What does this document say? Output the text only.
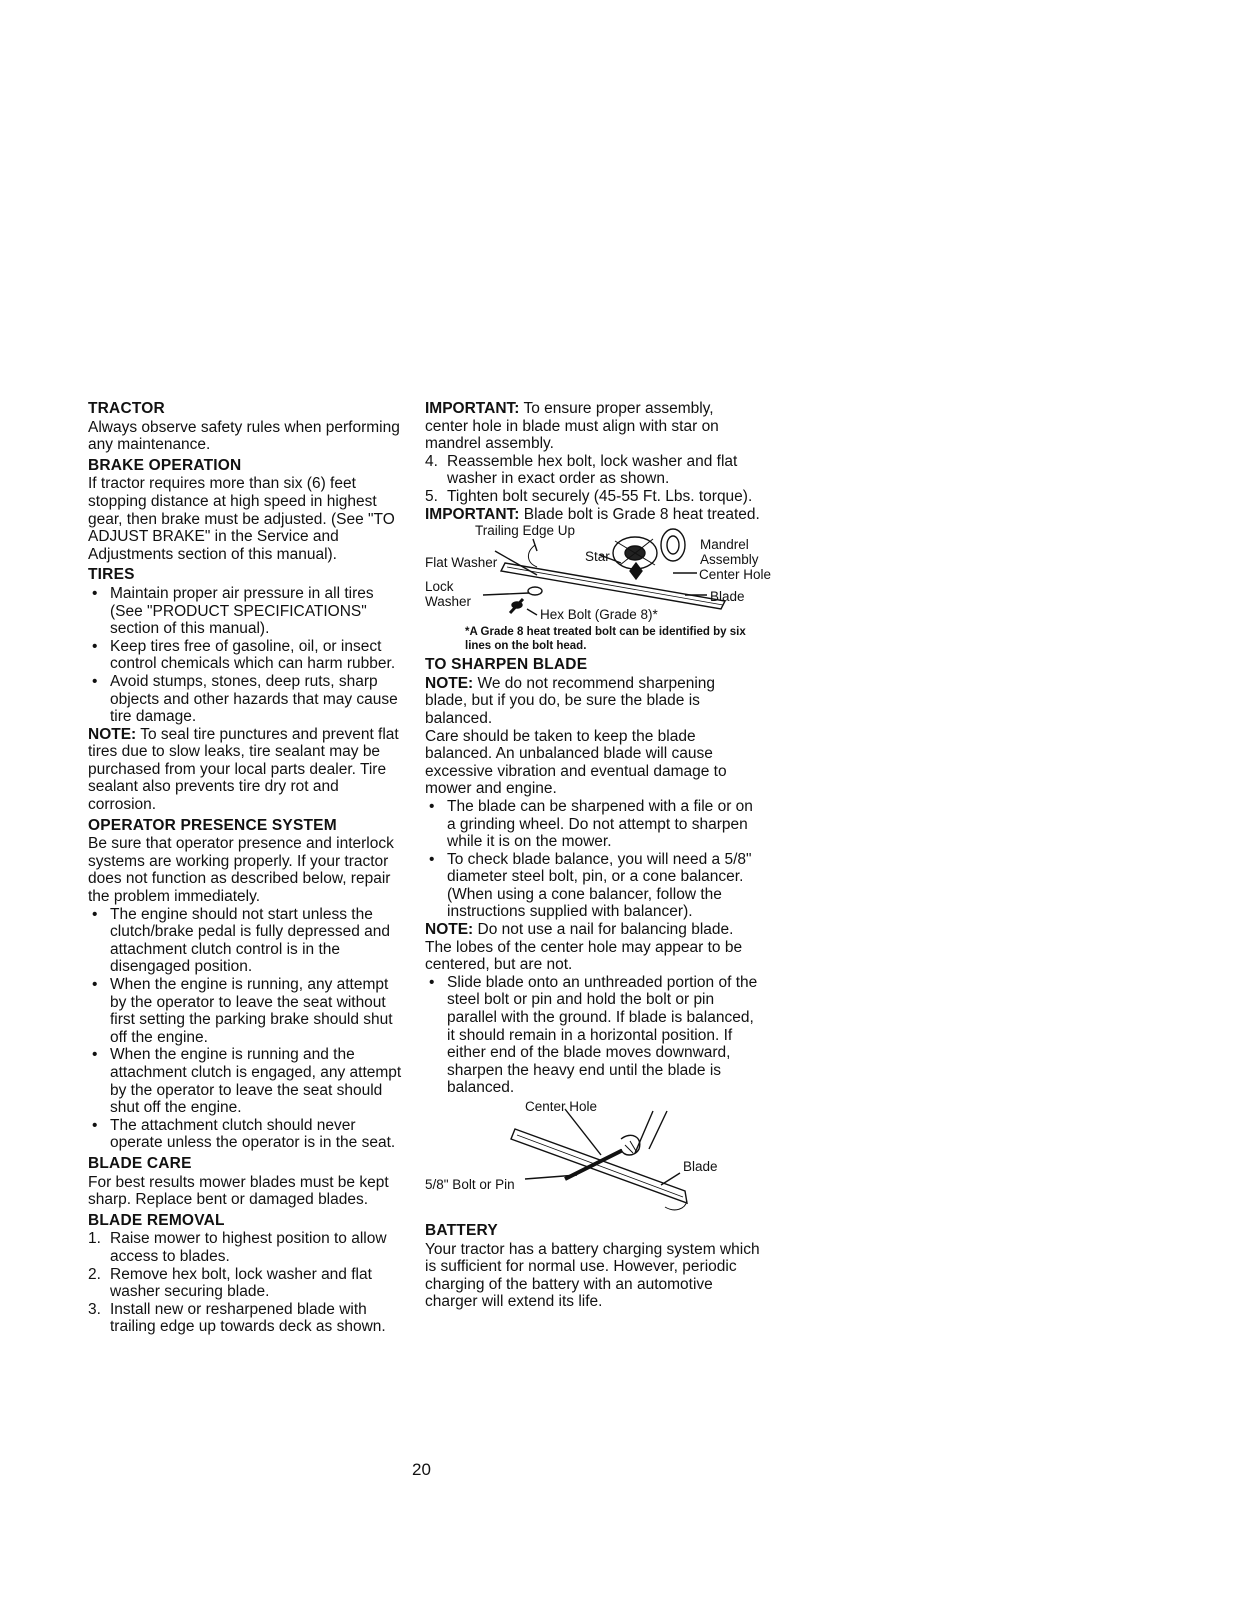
TRACTOR

Always observe safety rules when performing any maintenance.

BRAKE OPERATION

If tractor requires more than six (6) feet stopping distance at high speed in highest gear, then brake must be adjusted. (See "TO ADJUST BRAKE" in the Service and Adjustments section of this manual).

TIRES

• Maintain proper air pressure in all tires (See "PRODUCT SPECIFICATIONS" section of this manual).
• Keep tires free of gasoline, oil, or insect control chemicals which can harm rubber.
• Avoid stumps, stones, deep ruts, sharp objects and other hazards that may cause tire damage.

NOTE: To seal tire punctures and prevent flat tires due to slow leaks, tire sealant may be purchased from your local parts dealer. Tire sealant also prevents tire dry rot and corrosion.

OPERATOR PRESENCE SYSTEM

Be sure that operator presence and interlock systems are working properly. If your tractor does not function as described below, repair the problem immediately.

• The engine should not start unless the clutch/brake pedal is fully depressed and attachment clutch control is in the disengaged position.
• When the engine is running, any attempt by the operator to leave the seat without first setting the parking brake should shut off the engine.
• When the engine is running and the attachment clutch is engaged, any attempt by the operator to leave the seat should shut off the engine.
• The attachment clutch should never operate unless the operator is in the seat.

BLADE CARE

For best results mower blades must be kept sharp. Replace bent or damaged blades.

BLADE REMOVAL

1. Raise mower to highest position to allow access to blades.
2. Remove hex bolt, lock washer and flat washer securing blade.
3. Install new or resharpened blade with trailing edge up towards deck as shown.

IMPORTANT: To ensure proper assembly, center hole in blade must align with star on mandrel assembly.

4. Reassemble hex bolt, lock washer and flat washer in exact order as shown.
5. Tighten bolt securely (45-55 Ft. Lbs. torque).

IMPORTANT: Blade bolt is Grade 8 heat treated.

Trailing Edge Up
Star
Mandrel Assembly
Flat Washer
Center Hole
Lock Washer	Blade
Hex Bolt (Grade 8)*

*A Grade 8 heat treated bolt can be identified by six lines on the bolt head.

TO SHARPEN BLADE

NOTE: We do not recommend sharpening blade, but if you do, be sure the blade is balanced.

Care should be taken to keep the blade balanced. An unbalanced blade will cause excessive vibration and eventual damage to mower and engine.

• The blade can be sharpened with a file or on a grinding wheel. Do not attempt to sharpen while it is on the mower.
• To check blade balance, you will need a 5/8" diameter steel bolt, pin, or a cone balancer. (When using a cone balancer, follow the instructions supplied with balancer).

NOTE: Do not use a nail for balancing blade. The lobes of the center hole may appear to be centered, but are not.

• Slide blade onto an unthreaded portion of the steel bolt or pin and hold the bolt or pin parallel with the ground. If blade is balanced, it should remain in a horizontal position. If either end of the blade moves downward, sharpen the heavy end until the blade is balanced.
Center Hole
Blade
5/8" Bolt or Pin

BATTERY

Your tractor has a battery charging system which is sufficient for normal use. However, periodic charging of the battery with an automotive charger will extend its life.

20
